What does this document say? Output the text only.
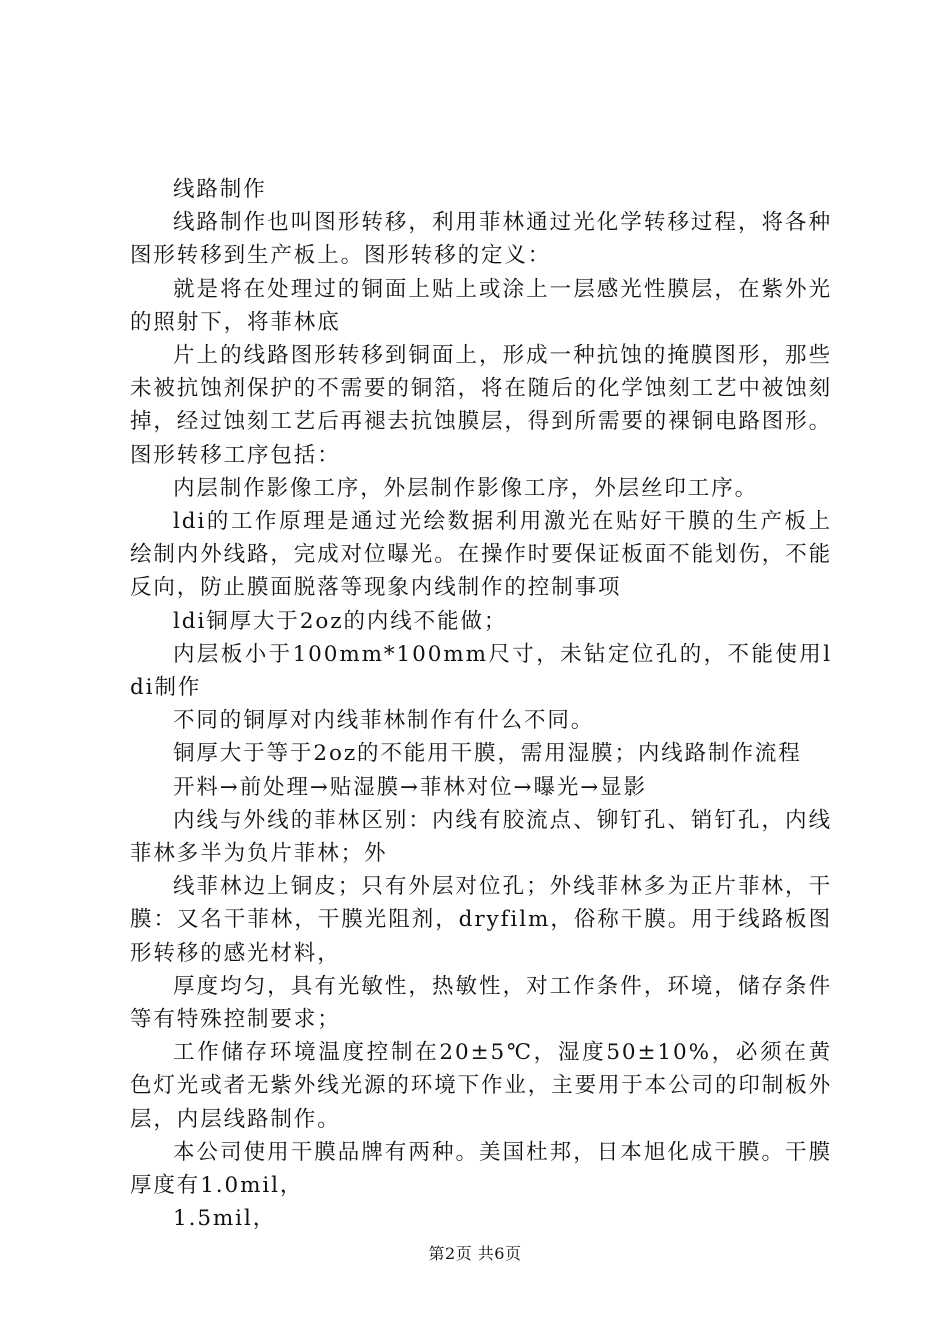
线路制作

线路制作也叫图形转移，利用菲林通过光化学转移过程，将各种图形转移到生产板上。图形转移的定义：

就是将在处理过的铜面上贴上或涂上一层感光性膜层，在紫外光的照射下，将菲林底

片上的线路图形转移到铜面上，形成一种抗蚀的掩膜图形，那些未被抗蚀剂保护的不需要的铜箔，将在随后的化学蚀刻工艺中被蚀刻掉，经过蚀刻工艺后再褪去抗蚀膜层，得到所需要的裸铜电路图形。图形转移工序包括：

内层制作影像工序，外层制作影像工序，外层丝印工序。

ldi的工作原理是通过光绘数据利用激光在贴好干膜的生产板上绘制内外线路，完成对位曝光。在操作时要保证板面不能划伤，不能反向，防止膜面脱落等现象内线制作的控制事项

ldi铜厚大于2oz的内线不能做；

内层板小于100mm*100mm尺寸，未钻定位孔的，不能使用ldi制作

不同的铜厚对内线菲林制作有什么不同。

铜厚大于等于2oz的不能用干膜，需用湿膜；内线路制作流程

开料→前处理→贴湿膜→菲林对位→曝光→显影

内线与外线的菲林区别：内线有胶流点、铆钉孔、销钉孔，内线菲林多半为负片菲林；外

线菲林边上铜皮；只有外层对位孔；外线菲林多为正片菲林，干膜：又名干菲林，干膜光阻剂，dryfilm，俗称干膜。用于线路板图形转移的感光材料，

厚度均匀，具有光敏性，热敏性，对工作条件，环境，储存条件等有特殊控制要求；

工作储存环境温度控制在20±5℃，湿度50±10%，必须在黄色灯光或者无紫外线光源的环境下作业，主要用于本公司的印制板外层，内层线路制作。

本公司使用干膜品牌有两种。美国杜邦，日本旭化成干膜。干膜厚度有1.0mil，

1.5mil，

第2页 共6页
